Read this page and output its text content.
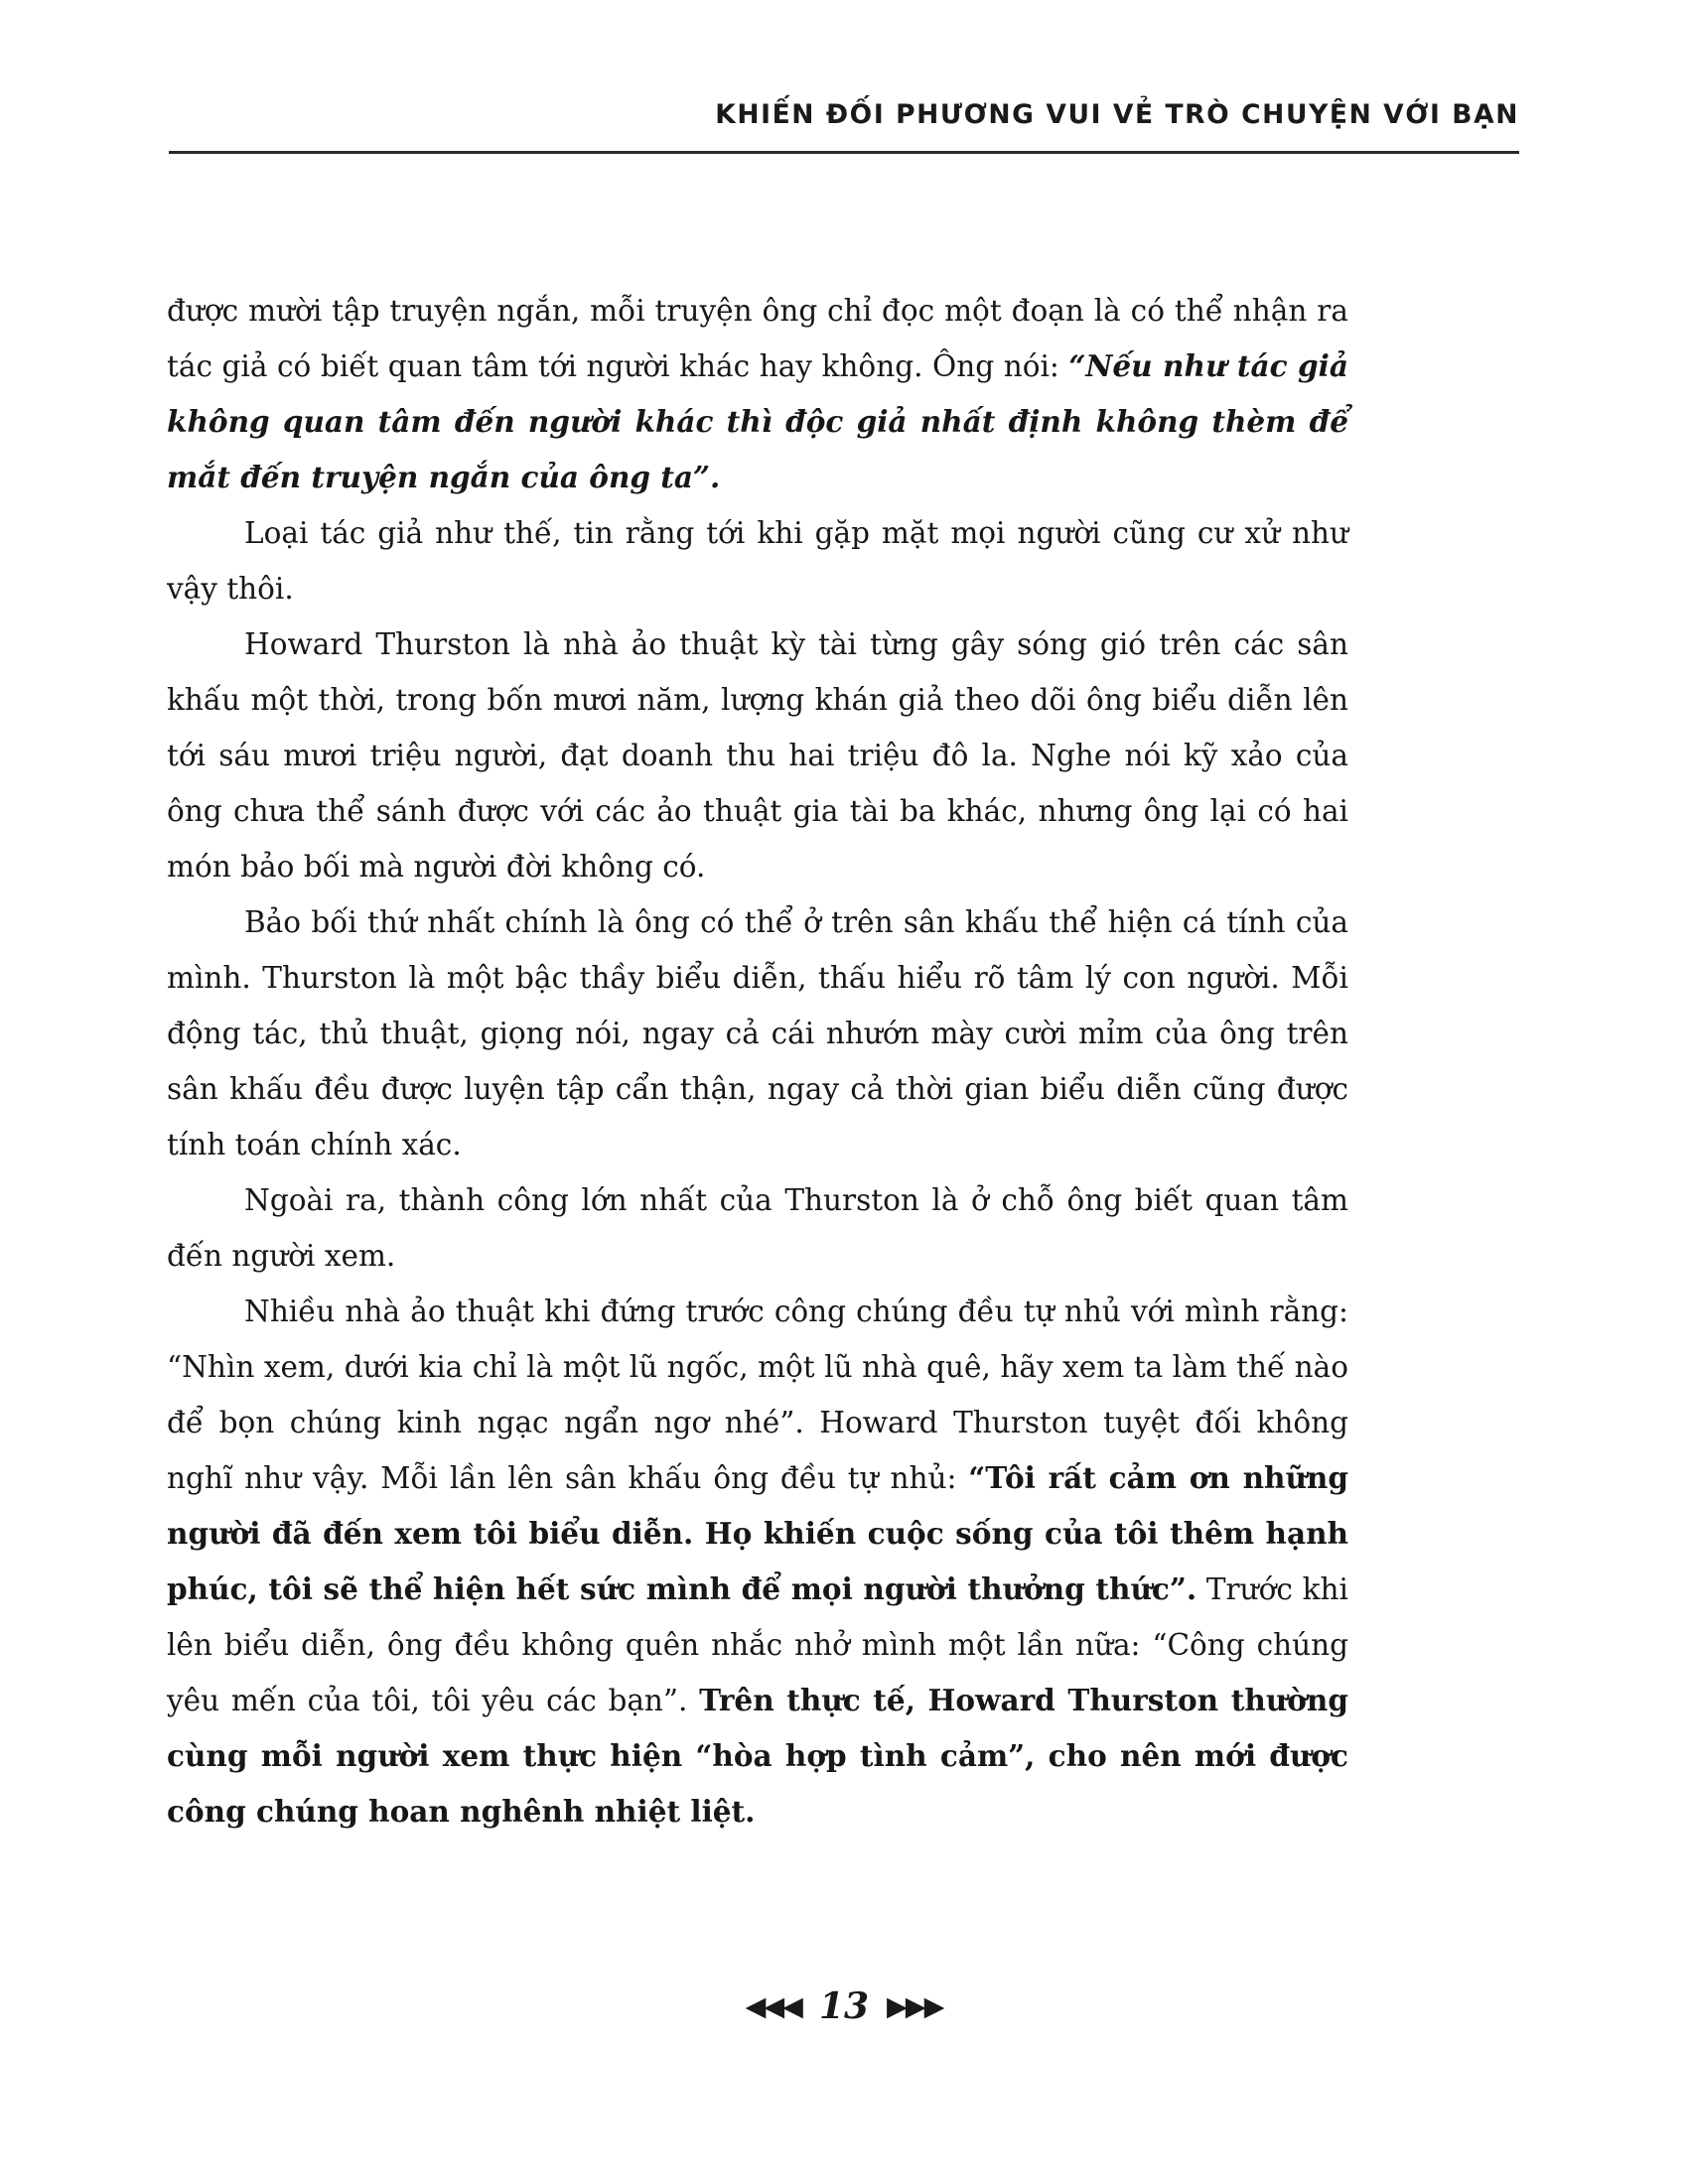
KHIẾN ĐỐI PHƯƠNG VUI VẺ TRÒ CHUYỆN VỚI BẠN

được mười tập truyện ngắn, mỗi truyện ông chỉ đọc một đoạn là có thể nhận ra tác giả có biết quan tâm tới người khác hay không. Ông nói: “Nếu như tác giả không quan tâm đến người khác thì độc giả nhất định không thèm để mắt đến truyện ngắn của ông ta”.

Loại tác giả như thế, tin rằng tới khi gặp mặt mọi người cũng cư xử như vậy thôi.

Howard Thurston là nhà ảo thuật kỳ tài từng gây sóng gió trên các sân khấu một thời, trong bốn mươi năm, lượng khán giả theo dõi ông biểu diễn lên tới sáu mươi triệu người, đạt doanh thu hai triệu đô la. Nghe nói kỹ xảo của ông chưa thể sánh được với các ảo thuật gia tài ba khác, nhưng ông lại có hai món bảo bối mà người đời không có.

Bảo bối thứ nhất chính là ông có thể ở trên sân khấu thể hiện cá tính của mình. Thurston là một bậc thầy biểu diễn, thấu hiểu rõ tâm lý con người. Mỗi động tác, thủ thuật, giọng nói, ngay cả cái nhướn mày cười mỉm của ông trên sân khấu đều được luyện tập cẩn thận, ngay cả thời gian biểu diễn cũng được tính toán chính xác.

Ngoài ra, thành công lớn nhất của Thurston là ở chỗ ông biết quan tâm đến người xem.

Nhiều nhà ảo thuật khi đứng trước công chúng đều tự nhủ với mình rằng: “Nhìn xem, dưới kia chỉ là một lũ ngốc, một lũ nhà quê, hãy xem ta làm thế nào để bọn chúng kinh ngạc ngẩn ngơ nhé”. Howard Thurston tuyệt đối không nghĩ như vậy. Mỗi lần lên sân khấu ông đều tự nhủ: “Tôi rất cảm ơn những người đã đến xem tôi biểu diễn. Họ khiến cuộc sống của tôi thêm hạnh phúc, tôi sẽ thể hiện hết sức mình để mọi người thưởng thức”. Trước khi lên biểu diễn, ông đều không quên nhắc nhở mình một lần nữa: “Công chúng yêu mến của tôi, tôi yêu các bạn”. Trên thực tế, Howard Thurston thường cùng mỗi người xem thực hiện “hòa hợp tình cảm”, cho nên mới được công chúng hoan nghênh nhiệt liệt.

◀◀◀ 13 ▶▶▶
